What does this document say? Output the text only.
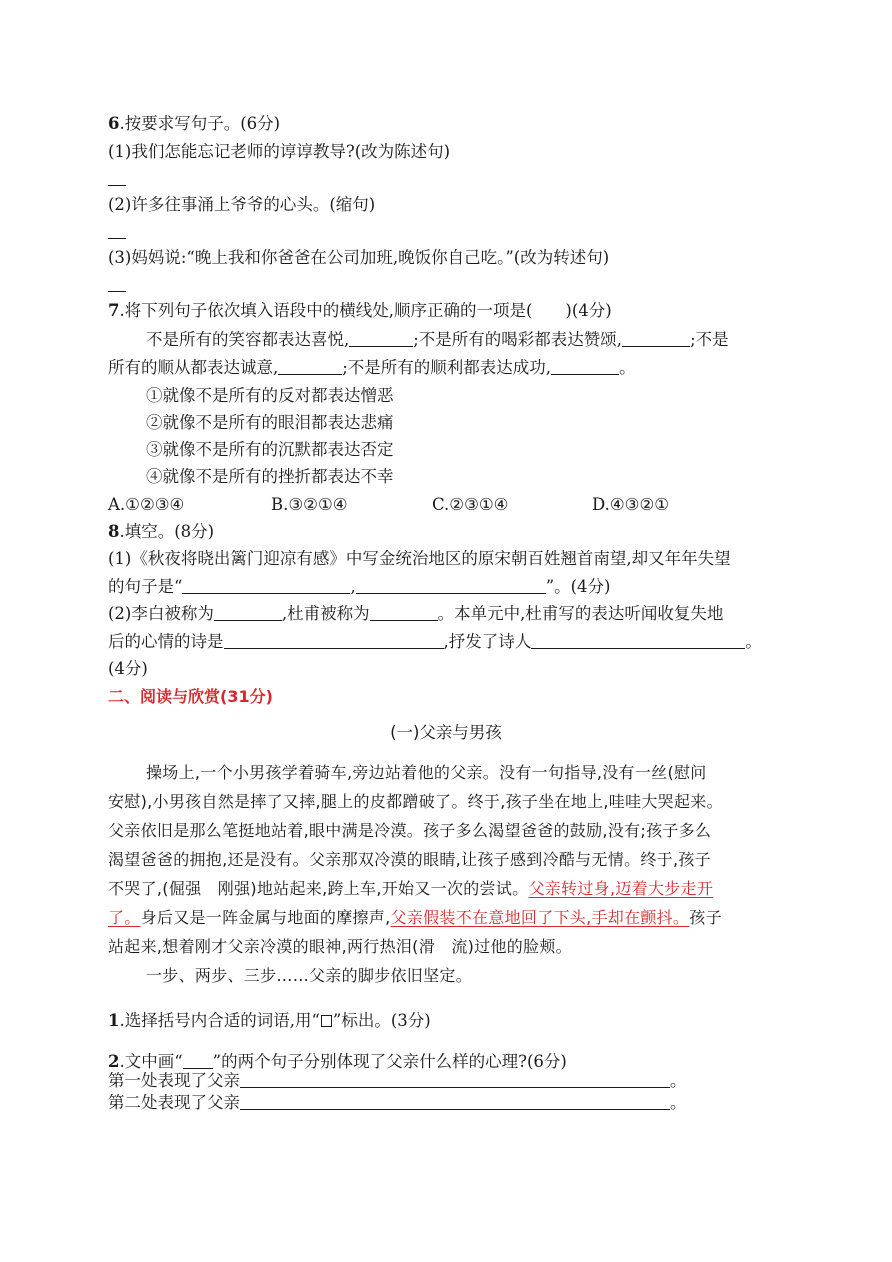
6.按要求写句子。(6分)
(1)我们怎能忘记老师的谆谆教导?(改为陈述句)
(2)许多往事涌上爷爷的心头。(缩句)
(3)妈妈说:“晚上我和你爸爸在公司加班,晚饭你自己吃。”(改为转述句)
7.将下列句子依次填入语段中的横线处,顺序正确的一项是(　　)(4分)
不是所有的笑容都表达喜悦,	;不是所有的喝彩都表达赞颂,	;不是
所有的顺从都表达诚意,	;不是所有的顺利都表达成功,	。
①就像不是所有的反对都表达憎恶
②就像不是所有的眼泪都表达悲痛
③就像不是所有的沉默都表达否定
④就像不是所有的挫折都表达不幸
A.①②③④	B.③②①④	C.②③①④	D.④③②①
8.填空。(8分)
(1)《秋夜将晓出篱门迎凉有感》中写金统治地区的原宋朝百姓翘首南望,却又年年失望
的句子是“	,	”。(4分)
(2)李白被称为	,杜甫被称为	。本单元中,杜甫写的表达听闻收复失地
后的心情的诗是	,抒发了诗人	。
(4分)
二、阅读与欣赏(31分)
(一)父亲与男孩
操场上,一个小男孩学着骑车,旁边站着他的父亲。没有一句指导,没有一丝(慰问
安慰),小男孩自然是摔了又摔,腿上的皮都蹭破了。终于,孩子坐在地上,哇哇大哭起来。
父亲依旧是那么笔挺地站着,眼中满是冷漠。孩子多么渴望爸爸的鼓励,没有;孩子多么
渴望爸爸的拥抱,还是没有。父亲那双冷漠的眼睛,让孩子感到冷酷与无情。终于,孩子
不哭了,(倔强　刚强)地站起来,跨上车,开始又一次的尝试。父亲转过身,迈着大步走开
了。身后又是一阵金属与地面的摩擦声,父亲假装不在意地回了下头,手却在颤抖。孩子
站起来,想着刚才父亲冷漠的眼神,两行热泪(滑　流)过他的脸颊。
一步、两步、三步……父亲的脚步依旧坚定。
1.选择括号内合适的词语,用“ ”标出。(3分)
2.文中画“ ”的两个句子分别体现了父亲什么样的心理?(6分)
第一处表现了父亲	。
第二处表现了父亲	。
